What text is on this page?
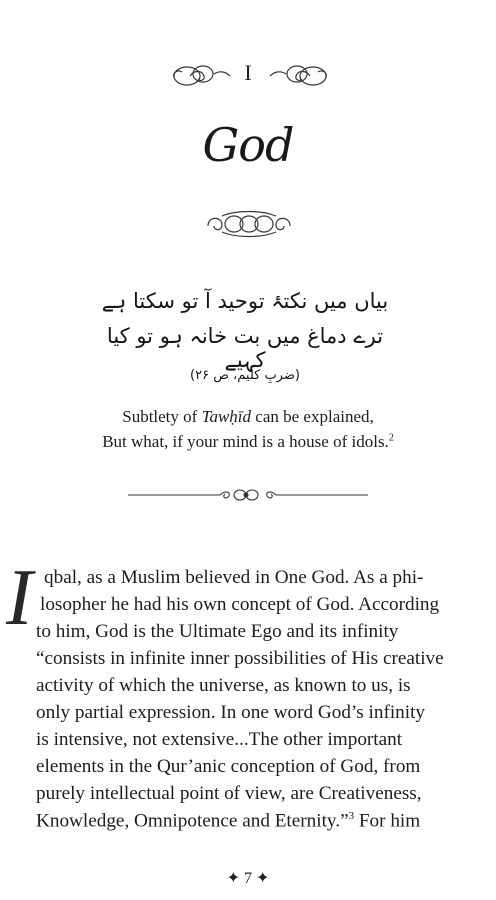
I
God
بیاں میں نکتۂ توحید آ تو سکتا ہے
ترے دماغ میں بت خانہ ہو تو کیا کہیے
(ضربِ کلیم، ص ۲۶)
Subtlety of Tawḥīd can be explained,
But what, if your mind is a house of idols.$^2$
I qbal, as a Muslim believed in One God. As a phi-
losopher he had his own concept of God. According
to him, God is the Ultimate Ego and its infinity
“consists in infinite inner possibilities of His creative
activity of which the universe, as known to us, is
only partial expression. In one word God’s infinity
is intensive, not extensive...The other important
elements in the Qur’anic conception of God, from
purely intellectual point of view, are Creativeness,
Knowledge, Omnipotence and Eternity.”$^3$ For him
✦ 7 ✦
